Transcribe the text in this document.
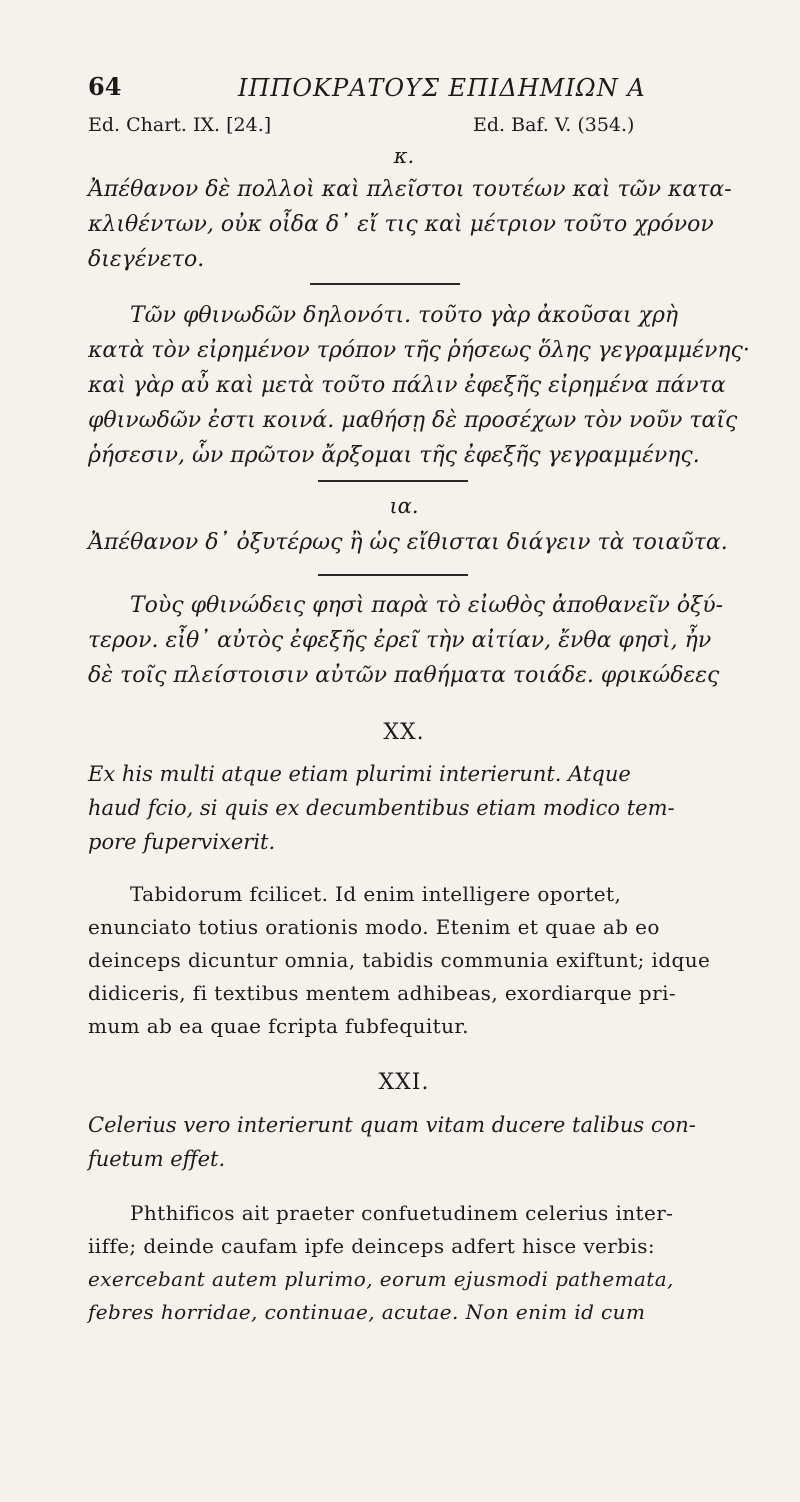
64	ΙΠΠΟΚΡΑΤΟΥΣ ΕΠΙΔΗΜΙΩΝ Α
Ed. Chart. IX. [24.]	Ed. Baf. V. (354.)
κ.
Ἀπέθανον δὲ πολλοὶ καὶ πλεῖστοι τουτέων καὶ τῶν κατα-
κλιθέντων, οὐκ οἶδα δ᾽ εἴ τις καὶ μέτριον τοῦτο χρόνον
διεγένετο.
Τῶν φθινωδῶν δηλονότι. τοῦτο γὰρ ἀκοῦσαι χρὴ
κατὰ τὸν εἰρημένον τρόπον τῆς ῥήσεως ὅλης γεγραμμένης·
καὶ γὰρ αὖ καὶ μετὰ τοῦτο πάλιν ἐφεξῆς εἰρημένα πάντα
φθινωδῶν ἐστι κοινά. μαθήσῃ δὲ προσέχων τὸν νοῦν ταῖς
ῥήσεσιν, ὧν πρῶτον ἄρξομαι τῆς ἐφεξῆς γεγραμμένης.
ια.
Ἀπέθανον δ᾽ ὀξυτέρως ἢ ὡς εἴθισται διάγειν τὰ τοιαῦτα.
Τοὺς φθινώδεις φησὶ παρὰ τὸ εἰωθὸς ἀποθανεῖν ὀξύ-
τερον. εἶθ᾽ αὐτὸς ἐφεξῆς ἐρεῖ τὴν αἰτίαν, ἔνθα φησὶ, ἦν
δὲ τοῖς πλείστοισιν αὐτῶν παθήματα τοιάδε. φρικώδεες
XX.
Ex his multi atque etiam plurimi interierunt. Atque
haud fcio, si quis ex decumbentibus etiam modico tem-
pore fupervixerit.
Tabidorum fcilicet. Id enim intelligere oportet,
enunciato totius orationis modo. Etenim et quae ab eo
deinceps dicuntur omnia, tabidis communia exiftunt; idque
didiceris, fi textibus mentem adhibeas, exordiarque pri-
mum ab ea quae fcripta fubfequitur.
XXI.
Celerius vero interierunt quam vitam ducere talibus con-
fuetum effet.
Phthificos ait praeter confuetudinem celerius inter-
iiffe; deinde caufam ipfe deinceps adfert hisce verbis:
exercebant autem plurimo, eorum ejusmodi pathemata,
febres horridae, continuae, acutae. Non enim id cum
